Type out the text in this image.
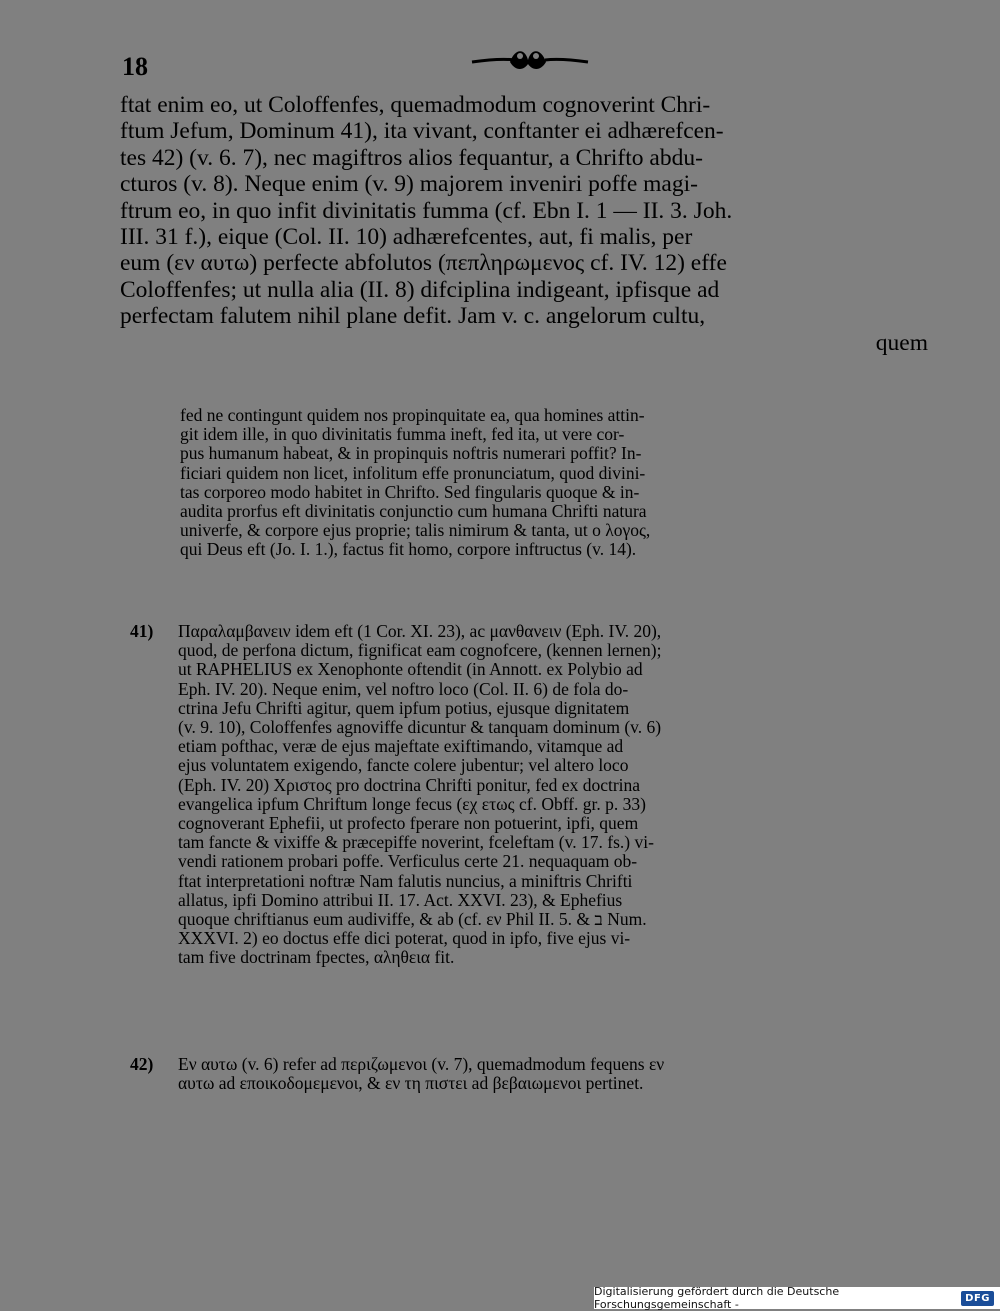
18
ftat enim eo, ut Coloffenfes, quemadmodum cognoverint Chri-
ftum Jefum, Dominum 41), ita vivant, conftanter ei adhærefcen-
tes 42) (v. 6. 7), nec magiftros alios fequantur, a Chrifto abdu-
cturos (v. 8). Neque enim (v. 9) majorem inveniri poffe magi-
ftrum eo, in quo infit divinitatis fumma (cf. Ebn I. 1 — II. 3. Joh.
III. 31 f.), eique (Col. II. 10) adhærefcentes, aut, fi malis, per
eum (εν αυτω) perfecte abfolutos (πεπληρωμενος cf. IV. 12) effe
Coloffenfes; ut nulla alia (II. 8) difciplina indigeant, ipfisque ad
perfectam falutem nihil plane defit. Jam v. c. angelorum cultu,
quem
fed ne contingunt quidem nos propinquitate ea, qua homines attin-
git idem ille, in quo divinitatis fumma ineft, fed ita, ut vere cor-
pus humanum habeat, & in propinquis noftris numerari poffit? In-
ficiari quidem non licet, infolitum effe pronunciatum, quod divini-
tas corporeo modo habitet in Chrifto. Sed fingularis quoque & in-
audita prorfus eft divinitatis conjunctio cum humana Chrifti natura
univerfe, & corpore ejus proprie; talis nimirum & tanta, ut ο λογος,
qui Deus eft (Jo. I. 1.), factus fit homo, corpore inftructus (v. 14).
41) Παραλαμβανειν idem eft (1 Cor. XI. 23), ac μανθανειν (Eph. IV. 20),
quod, de perfona dictum, fignificat eam cognofcere, (kennen lernen);
ut RAPHELIUS ex Xenophonte oftendit (in Annott. ex Polybio ad
Eph. IV. 20). Neque enim, vel noftro loco (Col. II. 6) de fola do-
ctrina Jefu Chrifti agitur, quem ipfum potius, ejusque dignitatem
(v. 9. 10), Coloffenfes agnoviffe dicuntur & tanquam dominum (v. 6)
etiam pofthac, veræ de ejus majeftate exiftimando, vitamque ad
ejus voluntatem exigendo, fancte colere jubentur; vel altero loco
(Eph. IV. 20) Χριστος pro doctrina Chrifti ponitur, fed ex doctrina
evangelica ipfum Chriftum longe fecus (εχ ετως cf. Obff. gr. p. 33)
cognoverant Ephefii, ut profecto fperare non potuerint, ipfi, quem
tam fancte & vixiffe & præcepiffe noverint, fceleftam (v. 17. fs.) vi-
vendi rationem probari poffe. Verficulus certe 21. nequaquam ob-
ftat interpretationi noftræ Nam falutis nuncius, a miniftris Chrifti
allatus, ipfi Domino attribui II. 17. Act. XXVI. 23), & Ephefius
quoque chriftianus eum audiviffe, & ab (cf. εν Phil II. 5. & ב Num.
XXXVI. 2) eo doctus effe dici poterat, quod in ipfo, five ejus vi-
tam five doctrinam fpectes, αληθεια fit.
42) Εν αυτω (v. 6) refer ad περιζωμενοι (v. 7), quemadmodum fequens εν
αυτω ad εποικοδομεμενοι, & εν τη πιστει ad βεβαιωμενοι pertinet.
Digitalisierung gefördert durch die Deutsche Forschungsgemeinschaft -	DFG
